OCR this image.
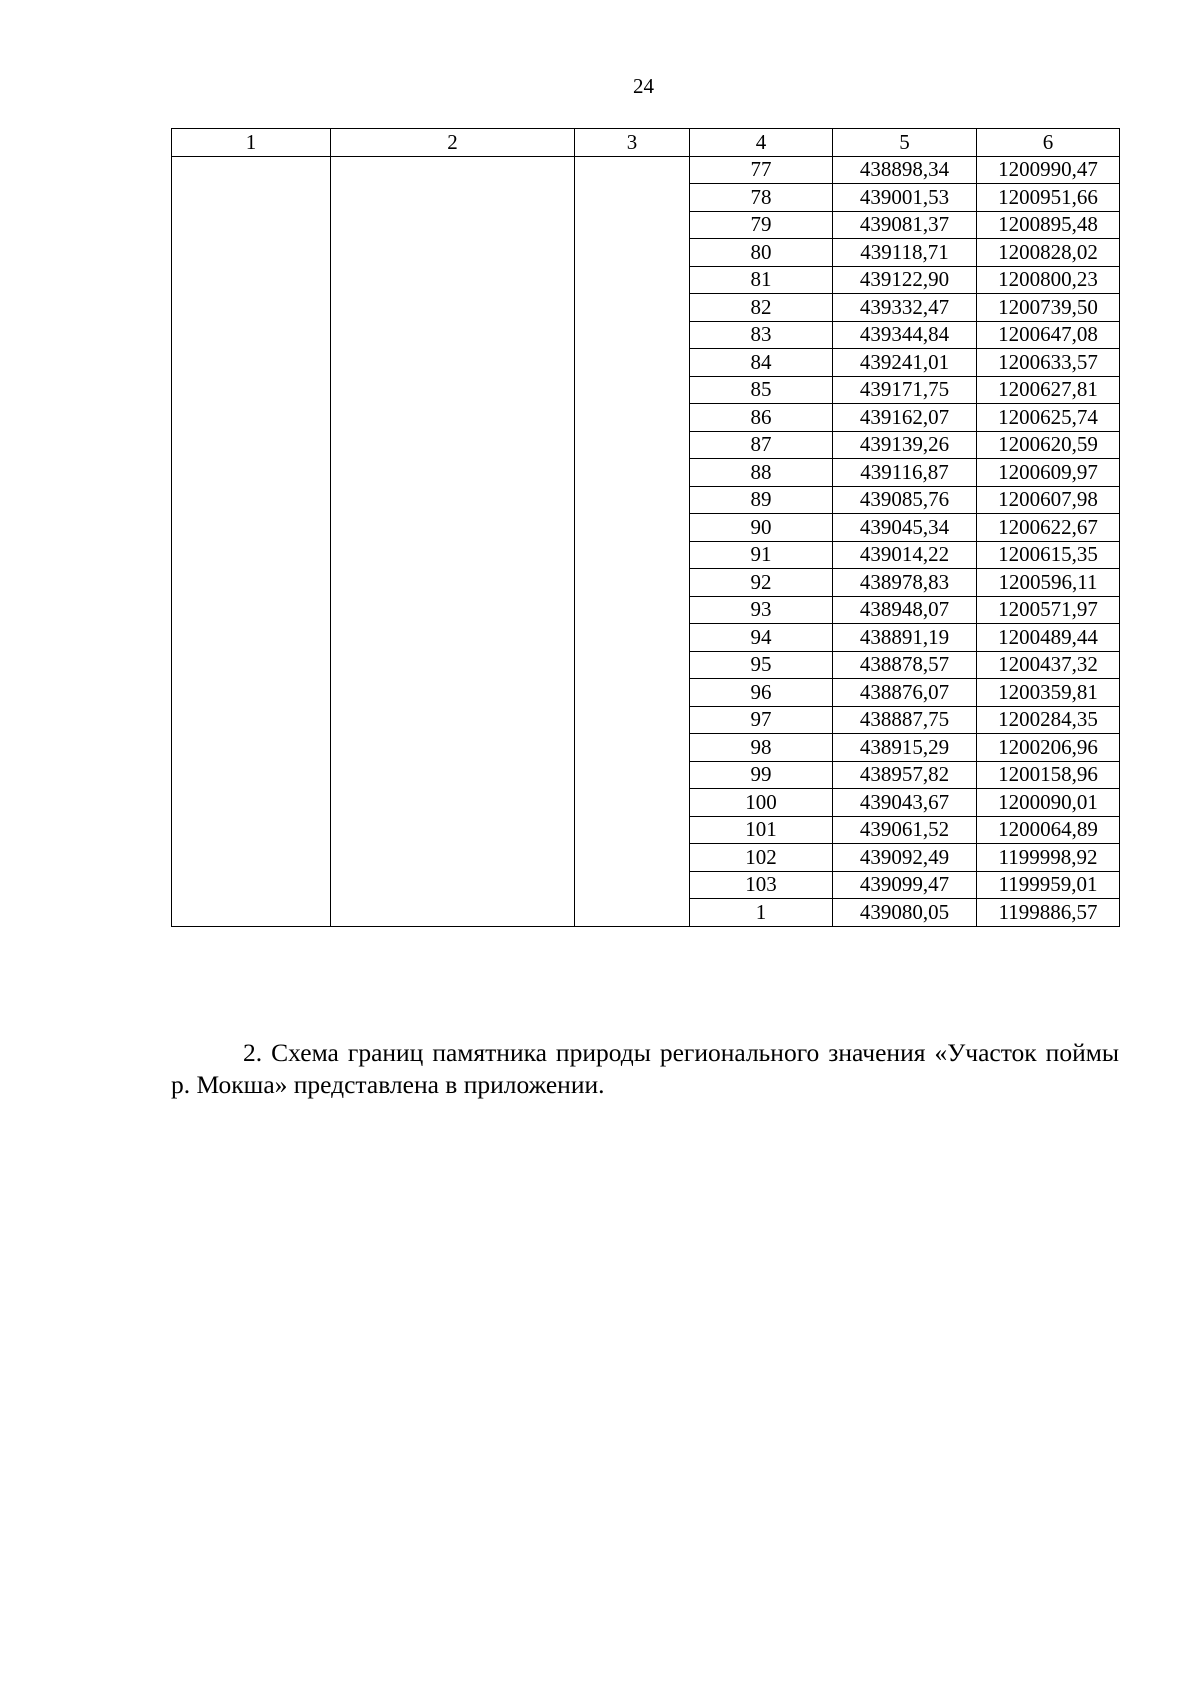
24
1	2	3	4	5	6
			77	438898,34	1200990,47
			78	439001,53	1200951,66
			79	439081,37	1200895,48
			80	439118,71	1200828,02
			81	439122,90	1200800,23
			82	439332,47	1200739,50
			83	439344,84	1200647,08
			84	439241,01	1200633,57
			85	439171,75	1200627,81
			86	439162,07	1200625,74
			87	439139,26	1200620,59
			88	439116,87	1200609,97
			89	439085,76	1200607,98
			90	439045,34	1200622,67
			91	439014,22	1200615,35
			92	438978,83	1200596,11
			93	438948,07	1200571,97
			94	438891,19	1200489,44
			95	438878,57	1200437,32
			96	438876,07	1200359,81
			97	438887,75	1200284,35
			98	438915,29	1200206,96
			99	438957,82	1200158,96
			100	439043,67	1200090,01
			101	439061,52	1200064,89
			102	439092,49	1199998,92
			103	439099,47	1199959,01
			1	439080,05	1199886,57

2. Схема границ памятника природы регионального значения «Участок поймы р. Мокша» представлена в приложении.
